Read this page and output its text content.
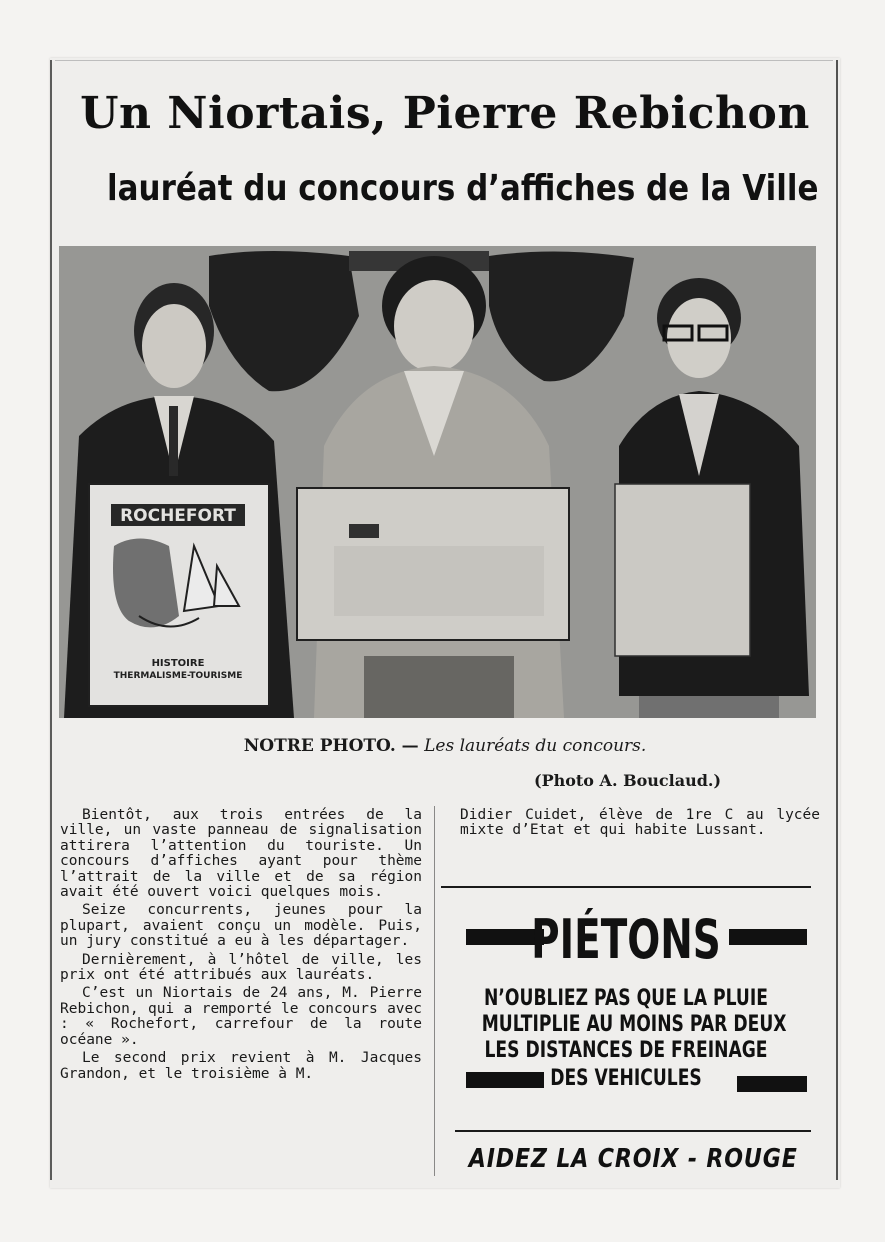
Un Niortais, Pierre Rebichon
lauréat du concours d’affiches de la Ville
ROCHEFORT
HISTOIRE
THERMALISME-TOURISME
NOTRE PHOTO. — Les lauréats du concours.
(Photo A. Bouclaud.)

Bientôt, aux trois entrées de la ville, un vaste panneau de signalisation attirera l’attention du touriste. Un concours d’affiches ayant pour thème l’attrait de la ville et de sa région avait été ouvert voici quelques mois.

Seize concurrents, jeunes pour la plupart, avaient conçu un modèle. Puis, un jury constitué a eu à les départager.

Dernièrement, à l’hôtel de ville, les prix ont été attribués aux lauréats.

C’est un Niortais de 24 ans, M. Pierre Rebichon, qui a remporté le concours avec : « Rochefort, carrefour de la route océane ».

Le second prix revient à M. Jacques Grandon, et le troisième à M.

Didier Cuidet, élève de 1re C au lycée mixte d’Etat et qui habite Lussant.

PIÉTONS
N’OUBLIEZ PAS QUE LA PLUIE
MULTIPLIE AU MOINS PAR DEUX
LES DISTANCES DE FREINAGE
DES VEHICULES
AIDEZ LA CROIX - ROUGE
